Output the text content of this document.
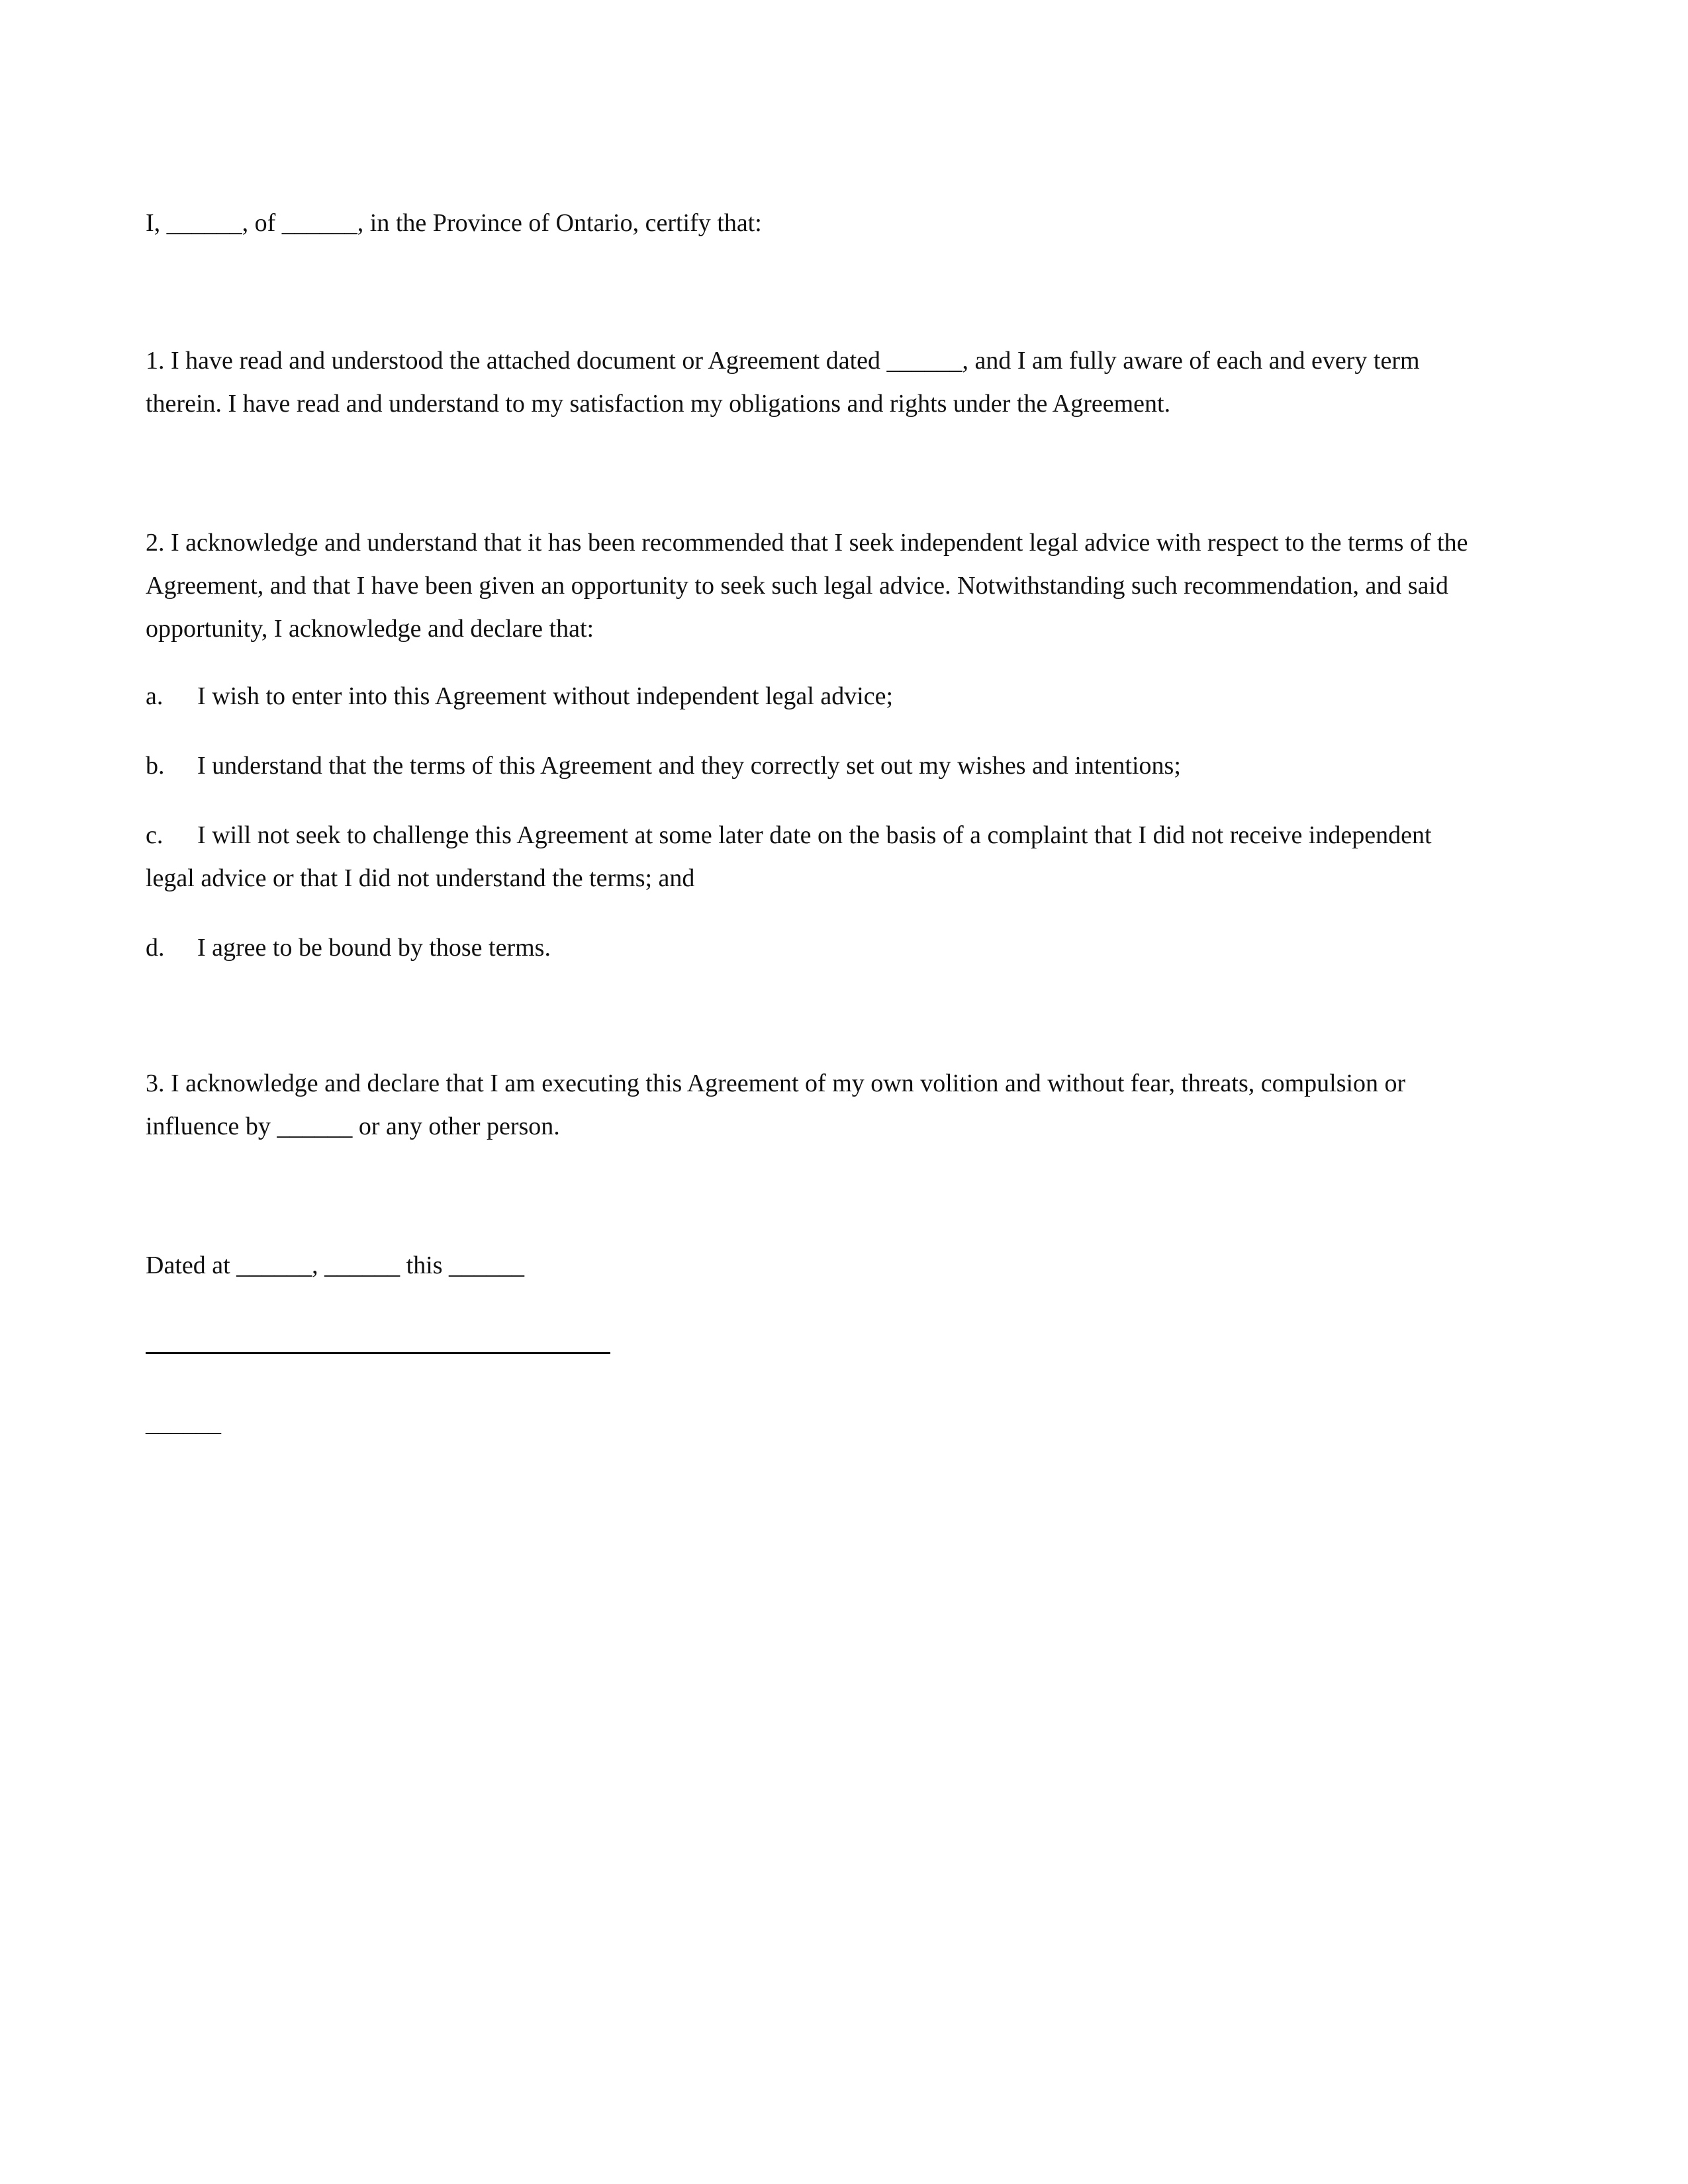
I, ______, of ______, in the Province of Ontario, certify that:

1. I have read and understood the attached document or Agreement dated ______, and I am fully aware of each and every term
therein. I have read and understand to my satisfaction my obligations and rights under the Agreement.

2. I acknowledge and understand that it has been recommended that I seek independent legal advice with respect to the terms of the
Agreement, and that I have been given an opportunity to seek such legal advice. Notwithstanding such recommendation, and said
opportunity, I acknowledge and declare that:

a. I wish to enter into this Agreement without independent legal advice;

b. I understand that the terms of this Agreement and they correctly set out my wishes and intentions;

c. I will not seek to challenge this Agreement at some later date on the basis of a complaint that I did not receive independent
legal advice or that I did not understand the terms; and

d. I agree to be bound by those terms.

3. I acknowledge and declare that I am executing this Agreement of my own volition and without fear, threats, compulsion or
influence by ______ or any other person.

Dated at ______, ______ this ______

______
